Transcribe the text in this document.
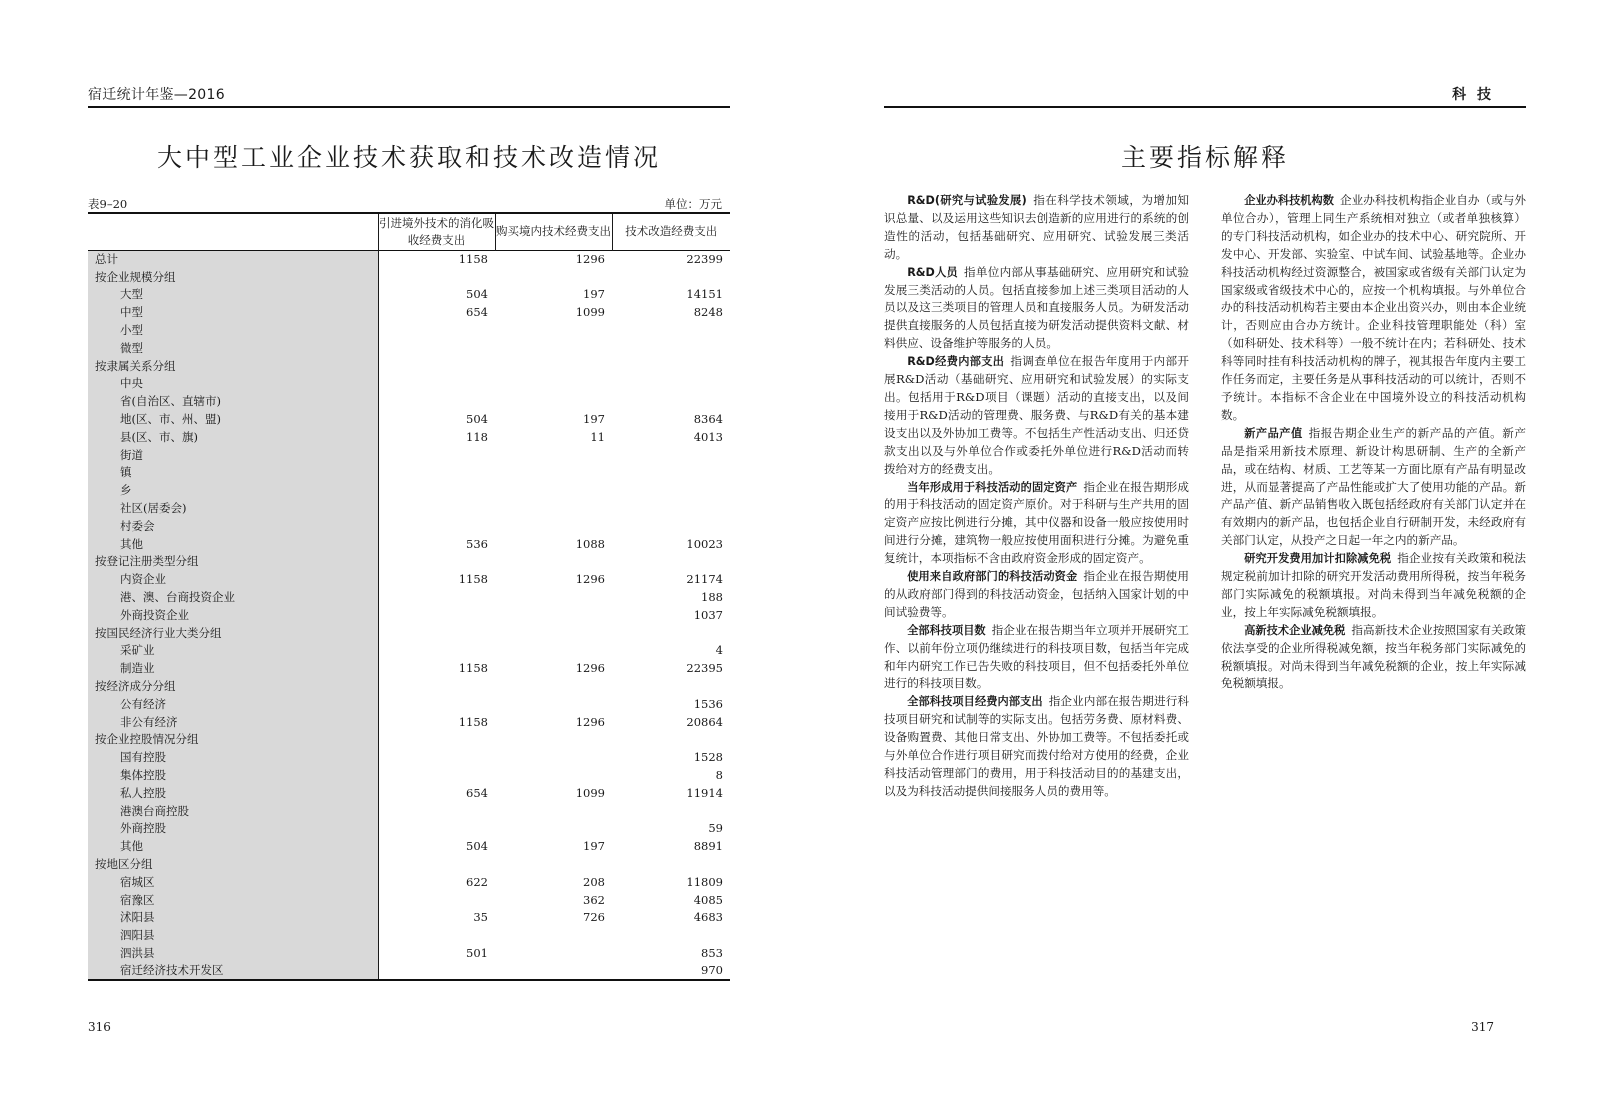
宿迁统计年鉴—2016
大中型工业企业技术获取和技术改造情况
表9–20	单位：万元
	引进境外技术的消化吸收经费支出	购买境内技术经费支出	技术改造经费支出
总计	1158	1296	22399
按企业规模分组			
大型	504	197	14151
中型	654	1099	8248
小型			
微型			
按隶属关系分组			
中央			
省(自治区、直辖市)			
地(区、市、州、盟)	504	197	8364
县(区、市、旗)	118	11	4013
街道			
镇			
乡			
社区(居委会)			
村委会			
其他	536	1088	10023
按登记注册类型分组			
内资企业	1158	1296	21174
港、澳、台商投资企业			188
外商投资企业			1037
按国民经济行业大类分组			
采矿业			4
制造业	1158	1296	22395
按经济成分分组			
公有经济			1536
非公有经济	1158	1296	20864
按企业控股情况分组			
国有控股			1528
集体控股			8
私人控股	654	1099	11914
港澳台商控股			
外商控股			59
其他	504	197	8891
按地区分组			
宿城区	622	208	11809
宿豫区		362	4085
沭阳县	35	726	4683
泗阳县			
泗洪县	501		853
宿迁经济技术开发区			970
316
科 技
主要指标解释

R&D(研究与试验发展) 指在科学技术领域，为增加知识总量、以及运用这些知识去创造新的应用进行的系统的创造性的活动，包括基础研究、应用研究、试验发展三类活动。

R&D人员 指单位内部从事基础研究、应用研究和试验发展三类活动的人员。包括直接参加上述三类项目活动的人员以及这三类项目的管理人员和直接服务人员。为研发活动提供直接服务的人员包括直接为研发活动提供资料文献、材料供应、设备维护等服务的人员。

R&D经费内部支出 指调查单位在报告年度用于内部开展R&D活动（基础研究、应用研究和试验发展）的实际支出。包括用于R&D项目（课题）活动的直接支出，以及间接用于R&D活动的管理费、服务费、与R&D有关的基本建设支出以及外协加工费等。不包括生产性活动支出、归还贷款支出以及与外单位合作或委托外单位进行R&D活动而转拨给对方的经费支出。

当年形成用于科技活动的固定资产 指企业在报告期形成的用于科技活动的固定资产原价。对于科研与生产共用的固定资产应按比例进行分摊，其中仪器和设备一般应按使用时间进行分摊，建筑物一般应按使用面积进行分摊。为避免重复统计，本项指标不含由政府资金形成的固定资产。

使用来自政府部门的科技活动资金 指企业在报告期使用的从政府部门得到的科技活动资金，包括纳入国家计划的中间试验费等。

全部科技项目数 指企业在报告期当年立项并开展研究工作、以前年份立项仍继续进行的科技项目数，包括当年完成和年内研究工作已告失败的科技项目，但不包括委托外单位进行的科技项目数。

全部科技项目经费内部支出 指企业内部在报告期进行科技项目研究和试制等的实际支出。包括劳务费、原材料费、设备购置费、其他日常支出、外协加工费等。不包括委托或与外单位合作进行项目研究而拨付给对方使用的经费，企业科技活动管理部门的费用，用于科技活动目的的基建支出，以及为科技活动提供间接服务人员的费用等。

企业办科技机构数 企业办科技机构指企业自办（或与外单位合办），管理上同生产系统相对独立（或者单独核算）的专门科技活动机构，如企业办的技术中心、研究院所、开发中心、开发部、实验室、中试车间、试验基地等。企业办科技活动机构经过资源整合，被国家或省级有关部门认定为国家级或省级技术中心的，应按一个机构填报。与外单位合办的科技活动机构若主要由本企业出资兴办，则由本企业统计，否则应由合办方统计。企业科技管理职能处（科）室（如科研处、技术科等）一般不统计在内；若科研处、技术科等同时挂有科技活动机构的牌子，视其报告年度内主要工作任务而定，主要任务是从事科技活动的可以统计，否则不予统计。本指标不含企业在中国境外设立的科技活动机构数。

新产品产值 指报告期企业生产的新产品的产值。新产品是指采用新技术原理、新设计构思研制、生产的全新产品，或在结构、材质、工艺等某一方面比原有产品有明显改进，从而显著提高了产品性能或扩大了使用功能的产品。新产品产值、新产品销售收入既包括经政府有关部门认定并在有效期内的新产品，也包括企业自行研制开发，未经政府有关部门认定，从投产之日起一年之内的新产品。

研究开发费用加计扣除减免税 指企业按有关政策和税法规定税前加计扣除的研究开发活动费用所得税，按当年税务部门实际减免的税额填报。对尚未得到当年减免税额的企业，按上年实际减免税额填报。

高新技术企业减免税 指高新技术企业按照国家有关政策依法享受的企业所得税减免额，按当年税务部门实际减免的税额填报。对尚未得到当年减免税额的企业，按上年实际减免税额填报。

317
